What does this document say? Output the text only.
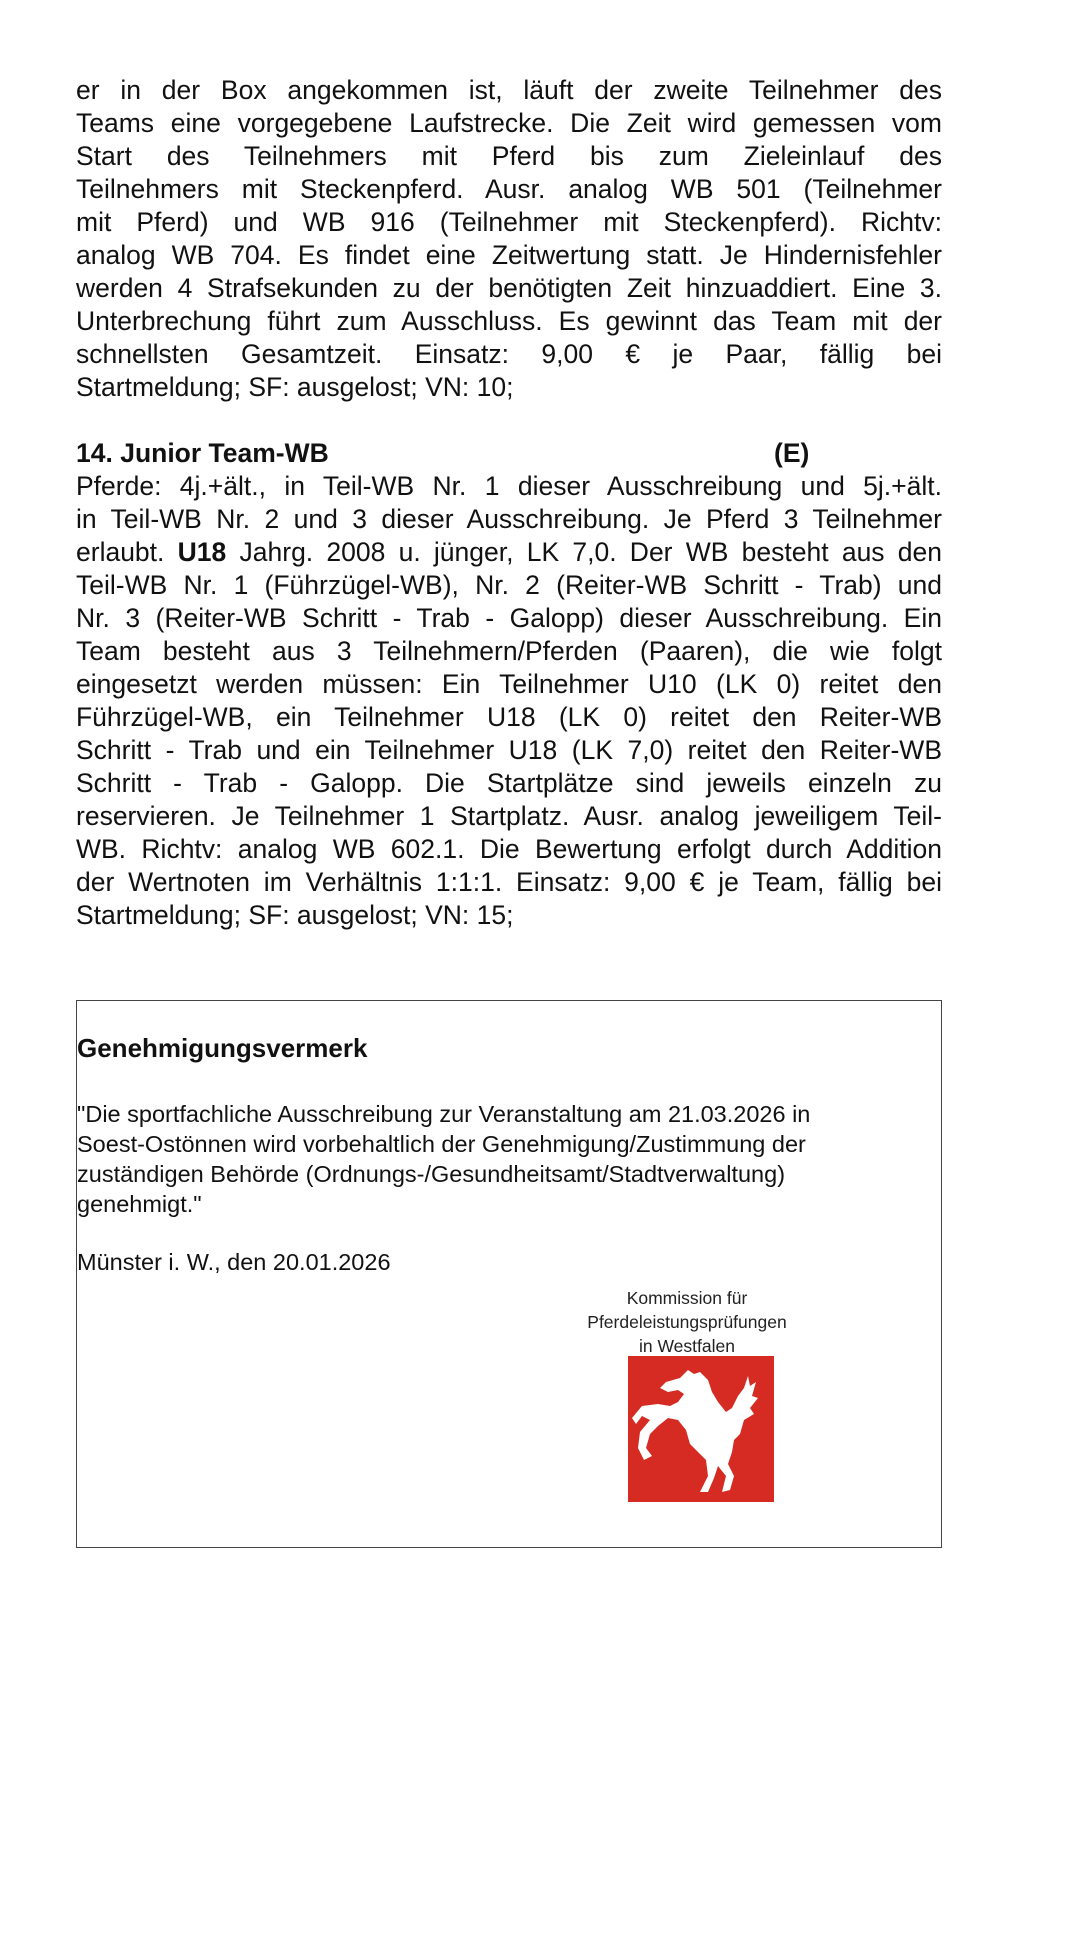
er in der Box angekommen ist, läuft der zweite Teilnehmer des
Teams eine vorgegebene Laufstrecke. Die Zeit wird gemessen vom
Start des Teilnehmers mit Pferd bis zum Zieleinlauf des
Teilnehmers mit Steckenpferd. Ausr. analog WB 501 (Teilnehmer
mit Pferd) und WB 916 (Teilnehmer mit Steckenpferd). Richtv:
analog WB 704. Es findet eine Zeitwertung statt. Je Hindernisfehler
werden 4 Strafsekunden zu der benötigten Zeit hinzuaddiert. Eine 3.
Unterbrechung führt zum Ausschluss. Es gewinnt das Team mit der
schnellsten Gesamtzeit. Einsatz: 9,00 € je Paar, fällig bei
Startmeldung; SF: ausgelost; VN: 10;
14. Junior Team-WB	(E)
Pferde: 4j.+ält., in Teil-WB Nr. 1 dieser Ausschreibung und 5j.+ält.
in Teil-WB Nr. 2 und 3 dieser Ausschreibung. Je Pferd 3 Teilnehmer
erlaubt. U18 Jahrg. 2008 u. jünger, LK 7,0. Der WB besteht aus den
Teil-WB Nr. 1 (Führzügel-WB), Nr. 2 (Reiter-WB Schritt - Trab) und
Nr. 3 (Reiter-WB Schritt - Trab - Galopp) dieser Ausschreibung. Ein
Team besteht aus 3 Teilnehmern/Pferden (Paaren), die wie folgt
eingesetzt werden müssen: Ein Teilnehmer U10 (LK 0) reitet den
Führzügel-WB, ein Teilnehmer U18 (LK 0) reitet den Reiter-WB
Schritt - Trab und ein Teilnehmer U18 (LK 7,0) reitet den Reiter-WB
Schritt - Trab - Galopp. Die Startplätze sind jeweils einzeln zu
reservieren. Je Teilnehmer 1 Startplatz. Ausr. analog jeweiligem Teil-
WB. Richtv: analog WB 602.1. Die Bewertung erfolgt durch Addition
der Wertnoten im Verhältnis 1:1:1. Einsatz: 9,00 € je Team, fällig bei
Startmeldung; SF: ausgelost; VN: 15;
Genehmigungsvermerk
"Die sportfachliche Ausschreibung zur Veranstaltung am 21.03.2026 in
Soest-Ostönnen wird vorbehaltlich der Genehmigung/Zustimmung der
zuständigen Behörde (Ordnungs-/Gesundheitsamt/Stadtverwaltung)
genehmigt."
Münster i. W., den 20.01.2026
Kommission für
Pferdeleistungsprüfungen
in Westfalen
